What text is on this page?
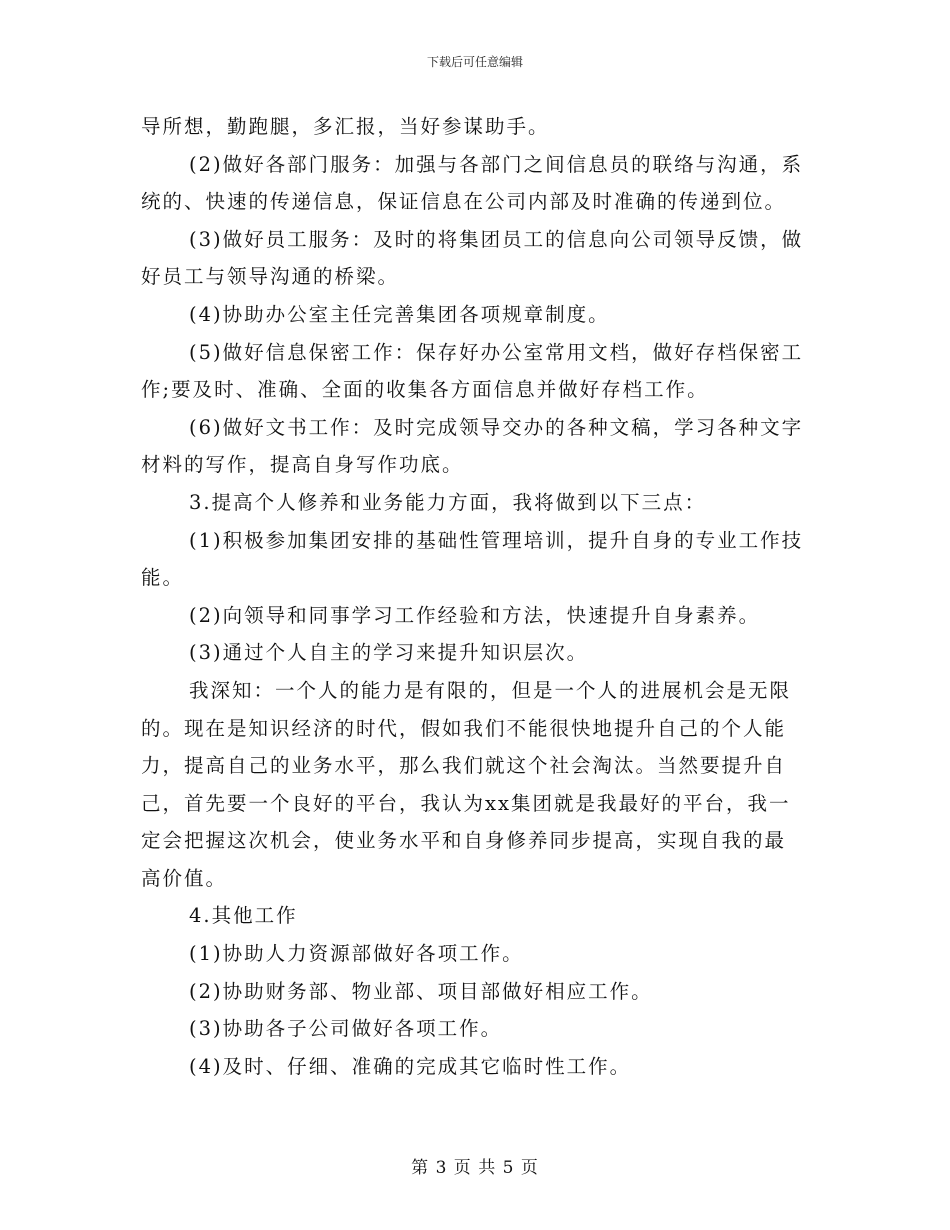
下载后可任意编辑
导所想，勤跑腿，多汇报，当好参谋助手。
(2)做好各部门服务：加强与各部门之间信息员的联络与沟通，系
统的、快速的传递信息，保证信息在公司内部及时准确的传递到位。
(3)做好员工服务：及时的将集团员工的信息向公司领导反馈，做
好员工与领导沟通的桥梁。
(4)协助办公室主任完善集团各项规章制度。
(5)做好信息保密工作：保存好办公室常用文档，做好存档保密工
作;要及时、准确、全面的收集各方面信息并做好存档工作。
(6)做好文书工作：及时完成领导交办的各种文稿，学习各种文字
材料的写作，提高自身写作功底。
3.提高个人修养和业务能力方面，我将做到以下三点：
(1)积极参加集团安排的基础性管理培训，提升自身的专业工作技
能。
(2)向领导和同事学习工作经验和方法，快速提升自身素养。
(3)通过个人自主的学习来提升知识层次。
我深知：一个人的能力是有限的，但是一个人的进展机会是无限
的。现在是知识经济的时代，假如我们不能很快地提升自己的个人能
力，提高自己的业务水平，那么我们就这个社会淘汰。当然要提升自
己，首先要一个良好的平台，我认为xx集团就是我最好的平台，我一
定会把握这次机会，使业务水平和自身修养同步提高，实现自我的最
高价值。
4.其他工作
(1)协助人力资源部做好各项工作。
(2)协助财务部、物业部、项目部做好相应工作。
(3)协助各子公司做好各项工作。
(4)及时、仔细、准确的完成其它临时性工作。
第 3 页 共 5 页
